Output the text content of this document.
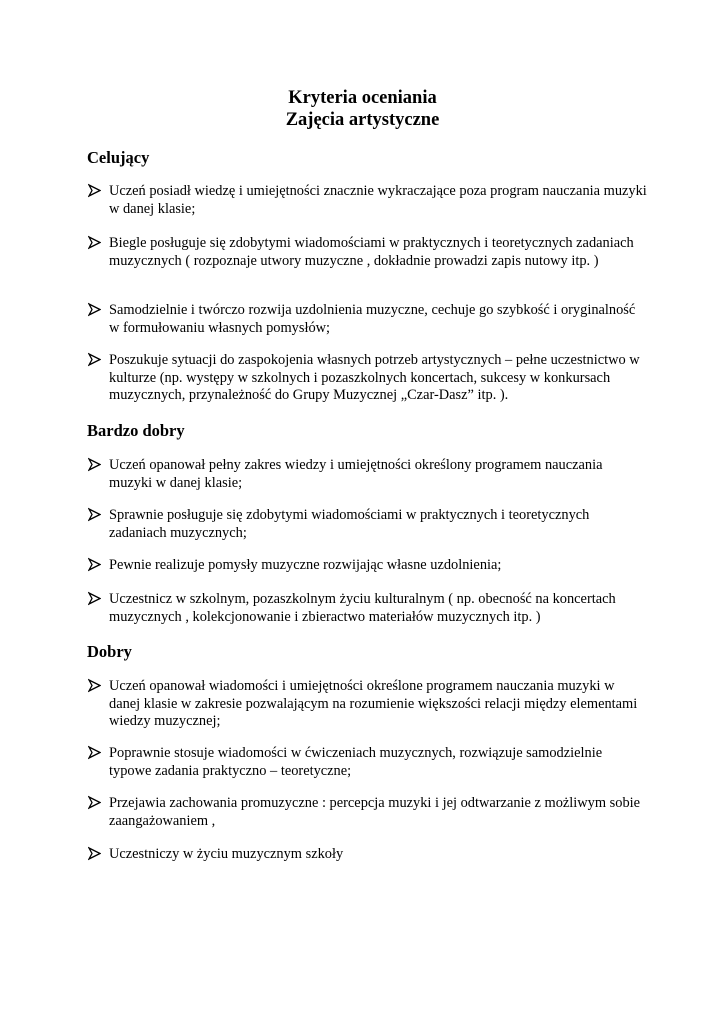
Kryteria oceniania
Zajęcia artystyczne
Celujący
Uczeń posiadł wiedzę i umiejętności znacznie wykraczające poza program nauczania muzyki w danej klasie;
Biegle posługuje się zdobytymi wiadomościami w praktycznych i teoretycznych zadaniach muzycznych ( rozpoznaje utwory muzyczne , dokładnie prowadzi zapis nutowy itp. )
Samodzielnie i twórczo rozwija uzdolnienia muzyczne, cechuje go szybkość i oryginalność w formułowaniu własnych pomysłów;
Poszukuje sytuacji do zaspokojenia własnych potrzeb artystycznych – pełne uczestnictwo w kulturze (np. występy w szkolnych i pozaszkolnych koncertach, sukcesy w konkursach muzycznych, przynależność do Grupy Muzycznej „Czar-Dasz” itp. ).
Bardzo dobry
Uczeń opanował pełny zakres wiedzy i umiejętności określony programem nauczania muzyki w danej klasie;
Sprawnie posługuje się zdobytymi wiadomościami w praktycznych i teoretycznych zadaniach muzycznych;
Pewnie realizuje pomysły muzyczne rozwijając własne uzdolnienia;
Uczestnicz w szkolnym, pozaszkolnym życiu kulturalnym ( np. obecność na koncertach muzycznych , kolekcjonowanie i zbieractwo materiałów muzycznych itp. )
Dobry
Uczeń opanował wiadomości i umiejętności określone programem nauczania muzyki w danej klasie w zakresie pozwalającym na rozumienie większości relacji między elementami wiedzy muzycznej;
Poprawnie stosuje wiadomości w ćwiczeniach muzycznych, rozwiązuje samodzielnie typowe zadania praktyczno – teoretyczne;
Przejawia zachowania promuzyczne : percepcja muzyki i jej odtwarzanie z możliwym sobie zaangażowaniem ,
Uczestniczy w życiu muzycznym szkoły
